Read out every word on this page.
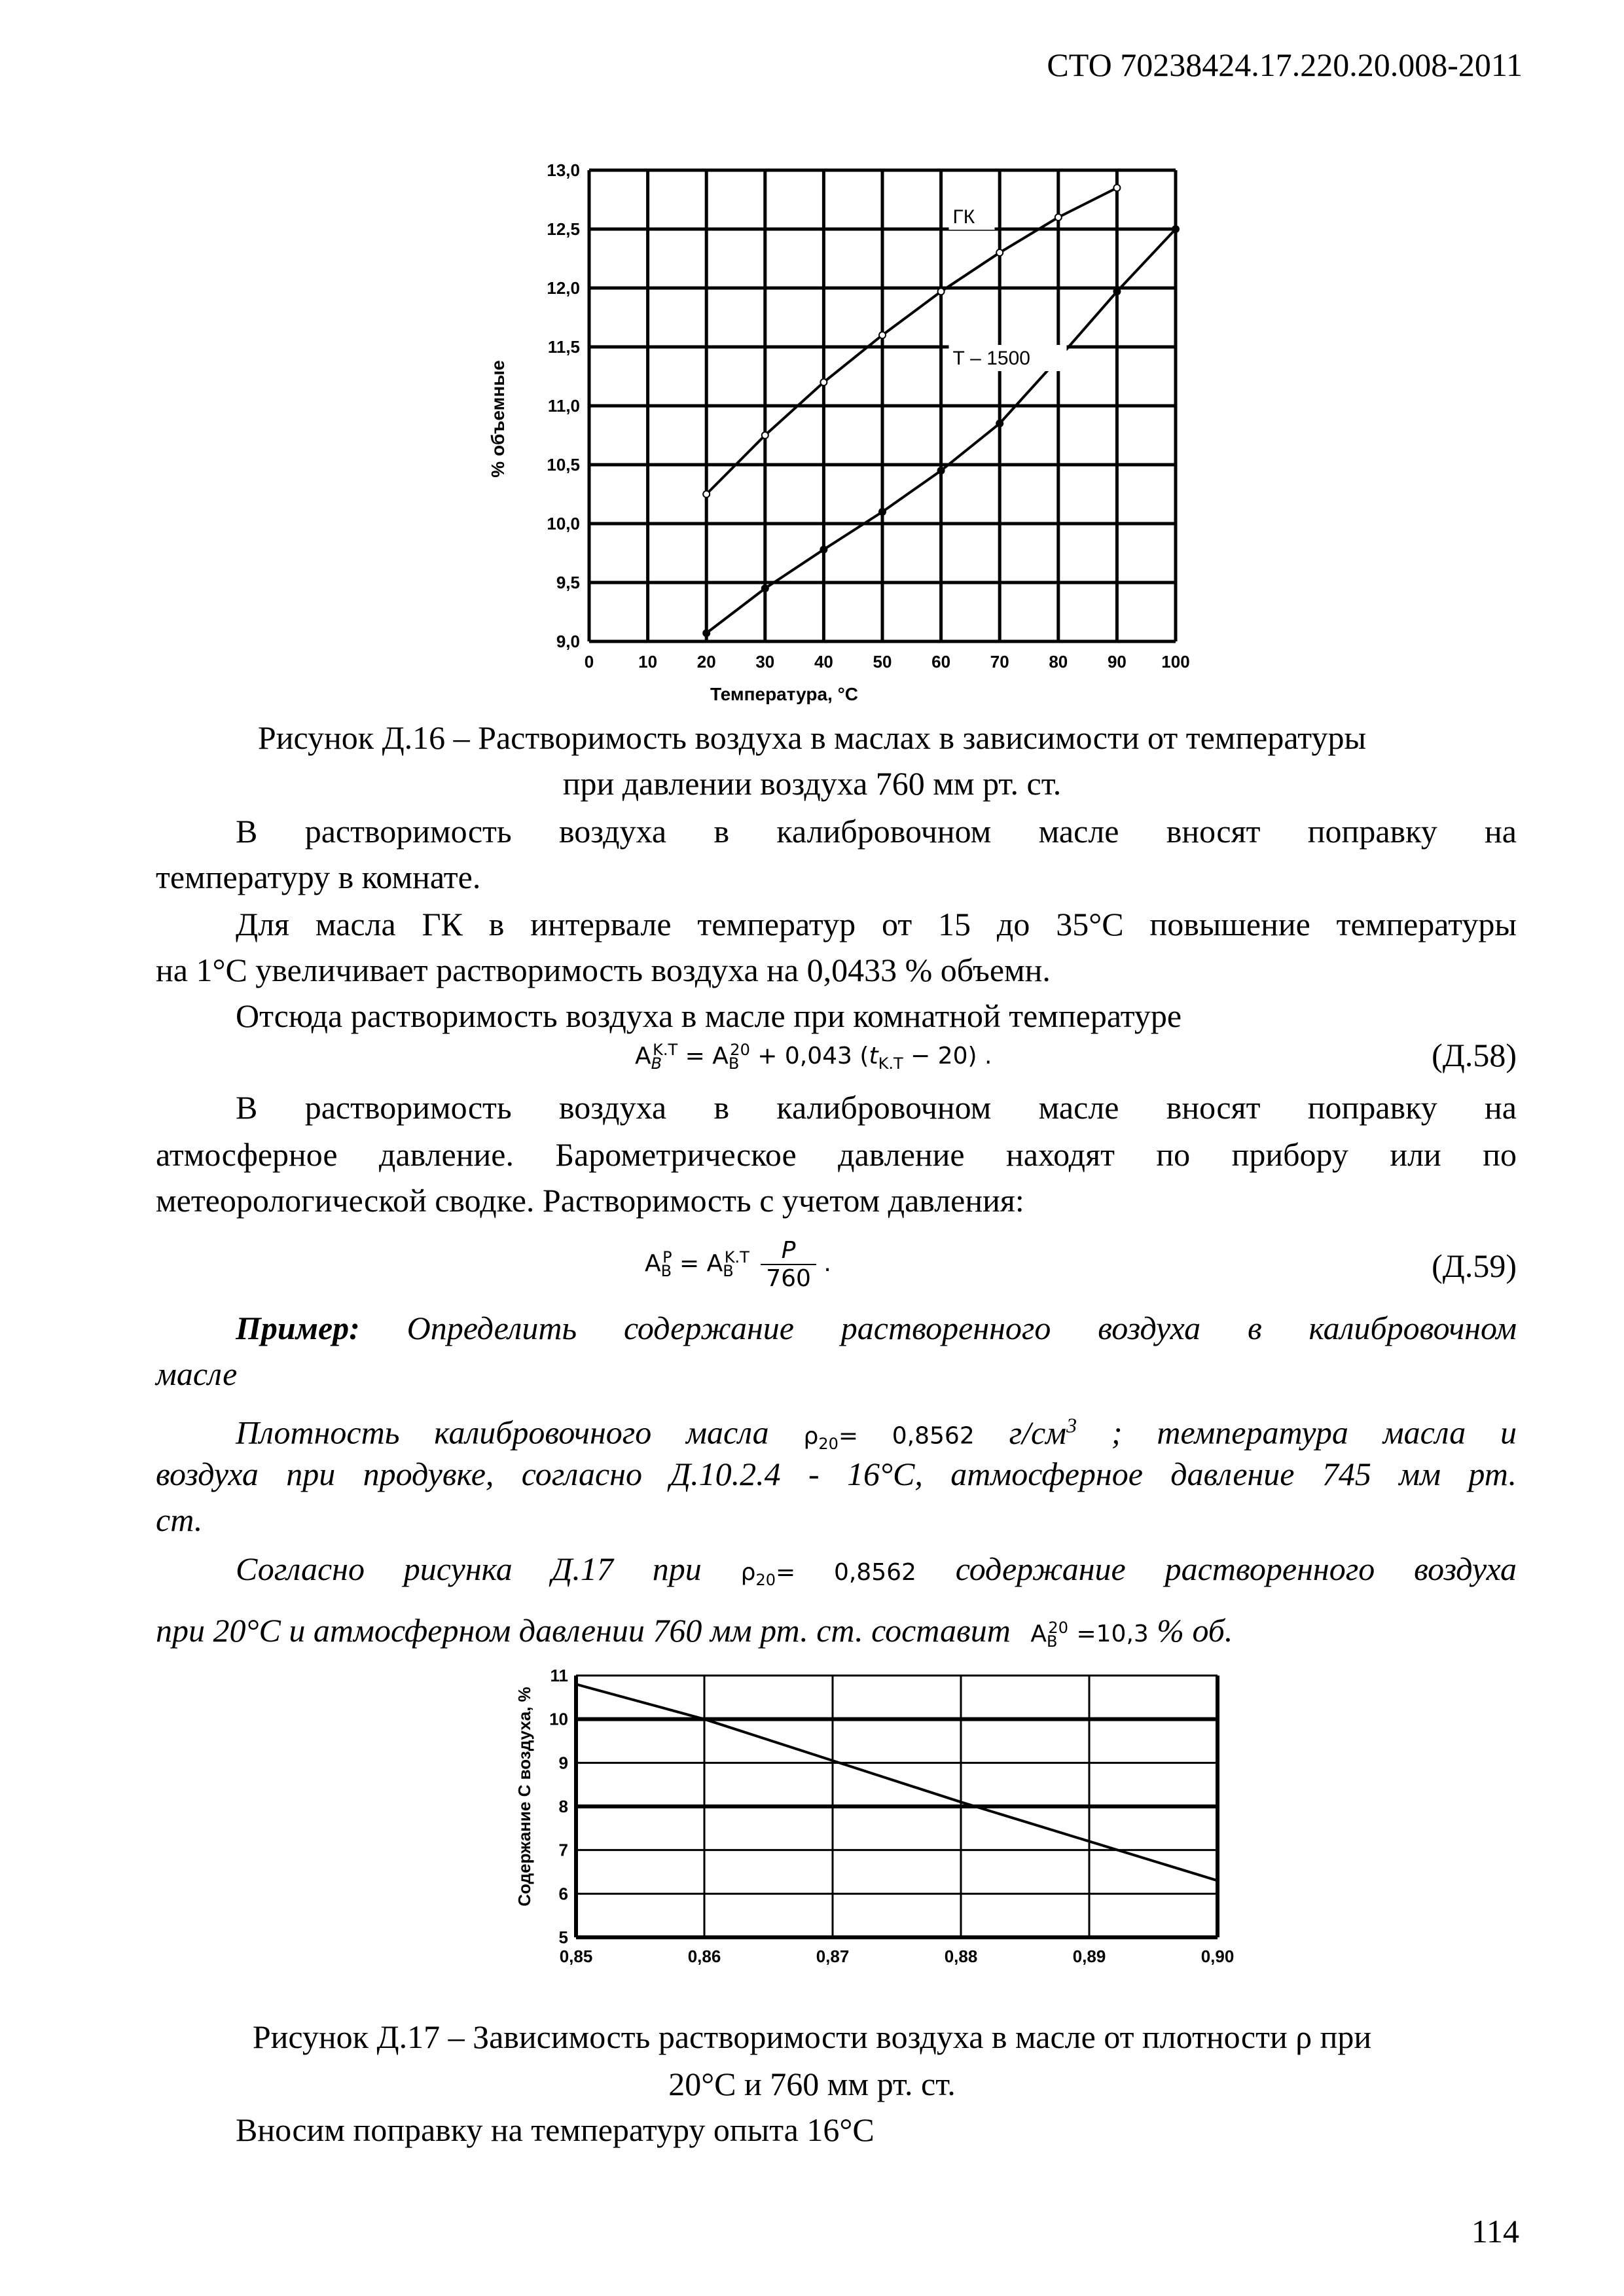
СТО 70238424.17.220.20.008-2011
ГК
Т – 1500
0	10 20 30 40 50 60 70 80 90 100
9,0
9,5
10,0
10,5
11,0
11,5
12,0
12,5
13,0
% объемные
Температура, °С
Рисунок Д.16 – Растворимость воздуха в маслах в зависимости от температуры
при давлении воздуха 760 мм рт. ст.
В растворимость воздуха в калибровочном масле вносят поправку на
температуру в комнате.
Для масла ГК в интервале температур от 15 до 35°С повышение температуры
на 1°С увеличивает растворимость воздуха на 0,0433 % объемн.
Отсюда растворимость воздуха в масле при комнатной температуре
$A_B^{K.T} = A_B^{20} + 0,043$ $(t_{K.T} - 20)$ .	(Д.58)
В растворимость воздуха в калибровочном масле вносят поправку на
атмосферное давление. Барометрическое давление находят по прибору или по
метеорологической сводке. Растворимость с учетом давления:
$A_B^P = A_B^{K.T} \frac{P}{760}$ .	(Д.59)
Пример: Определить содержание растворенного воздуха в калибровочном
масле
Плотность калибровочного масла $\rho_{20}= 0,8562$ $г/см^3$ ; температура масла и
воздуха при продувке, согласно Д.10.2.4 - 16°С, атмосферное давление 745 мм рт.
ст.
Согласно рисунка Д.17 при $\rho_{20}= 0,8562$ содержание растворенного воздуха
при 20°С и атмосферном давлении 760 мм рт. ст. составит $A_B^{20} =10,3$ % об.
0,85	0,86	0,87	0,88	0,89	0,90
5
6
7
8
9
10
11
Содержание С воздуха, %
Рисунок Д.17 – Зависимость растворимости воздуха в масле от плотности ρ при
20°С и 760 мм рт. ст.
Вносим поправку на температуру опыта 16°С
114
